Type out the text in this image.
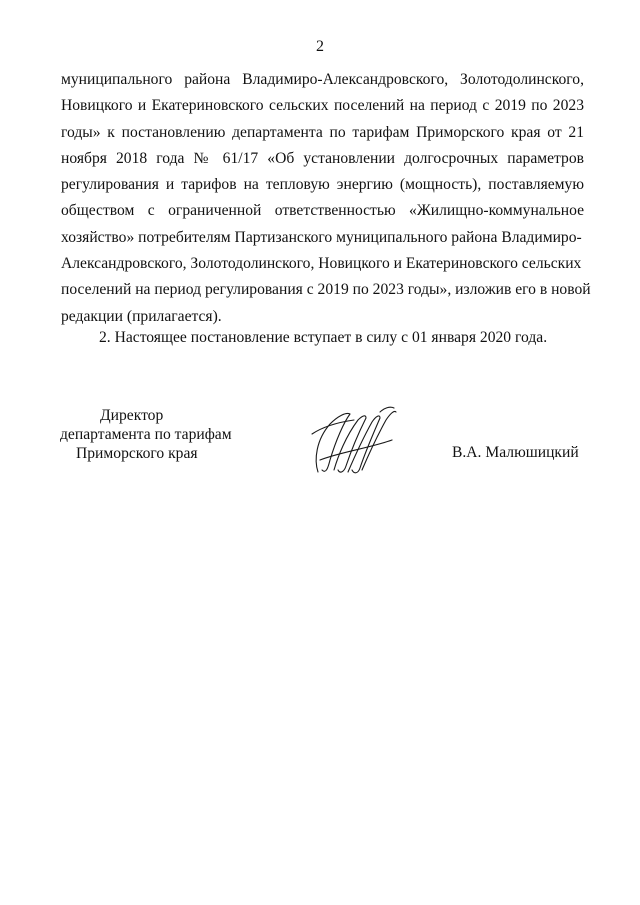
2
муниципального района Владимиро-Александровского, Золотодолинского,
Новицкого и Екатериновского сельских поселений на период с 2019 по 2023
годы» к постановлению департамента по тарифам Приморского края от 21
ноября 2018 года № 61/17 «Об установлении долгосрочных параметров
регулирования и тарифов на тепловую энергию (мощность), поставляемую
обществом с ограниченной ответственностью «Жилищно-коммунальное
хозяйство» потребителям Партизанского муниципального района Владимиро-
Александровского, Золотодолинского, Новицкого и Екатериновского сельских
поселений на период регулирования с 2019 по 2023 годы», изложив его в новой
редакции (прилагается).
2. Настоящее постановление вступает в силу с 01 января 2020 года.
Директор
департамента по тарифам
Приморского края	В.А. Малюшицкий
